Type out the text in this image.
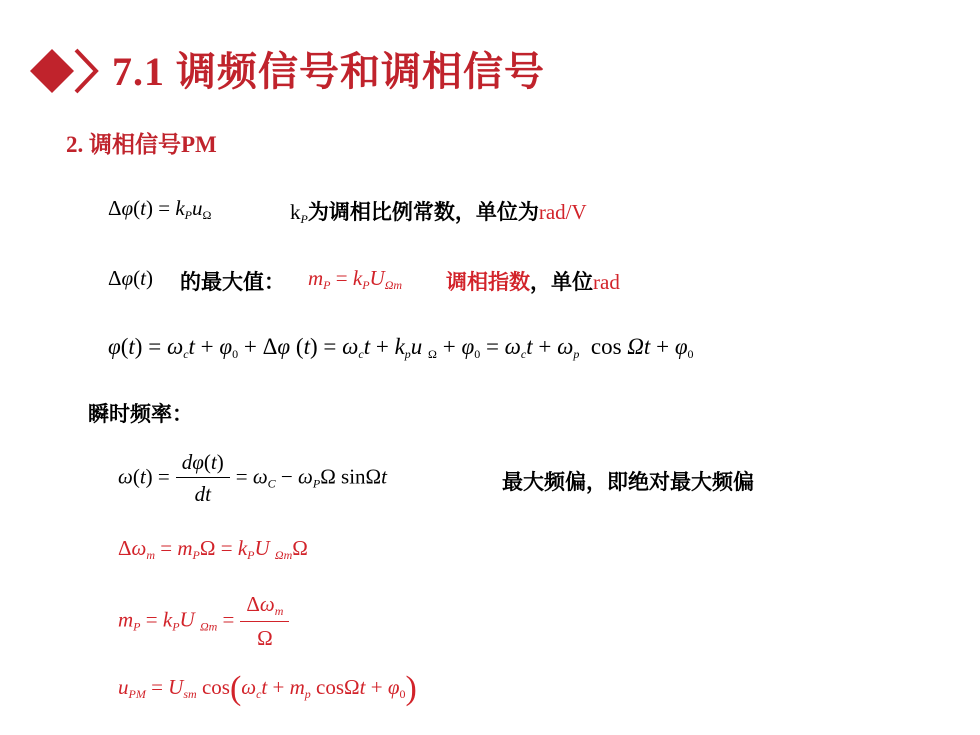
7.1 调频信号和调相信号
2. 调相信号PM
$\Delta\varphi(t) = k_Pu_\Omega$	$k_P$为调相比例常数，单位为rad/V
Δφ(t) 的最大值： $m_P = k_PU_{\Omega m}$ 调相指数，单位rad
$\varphi(t) = \omega_ct + \varphi_0 + \Delta\varphi$ $(t) = \omega_ct + k_pu$ $_\Omega + \varphi_0 = \omega_ct + \omega_p$ $\cos \Omega t + \varphi_0$
瞬时频率：
$\omega(t) = \frac{d\varphi(t)}{dt} = \omega_C - \omega_P\Omega$ sinΩt	最大频偏，即绝对最大频偏
$\Delta\omega_m = m_P\Omega = k_PU$ $_{\Omega m}$Ω
$m_P = k_PU$ $_{\Omega m} = \frac{\Delta\omega_m}{\Omega}$
$u_{PM} = U_{sm}$ $\cos(\omega_ct + m_p$ $\cos\Omega t + \varphi_0$)
